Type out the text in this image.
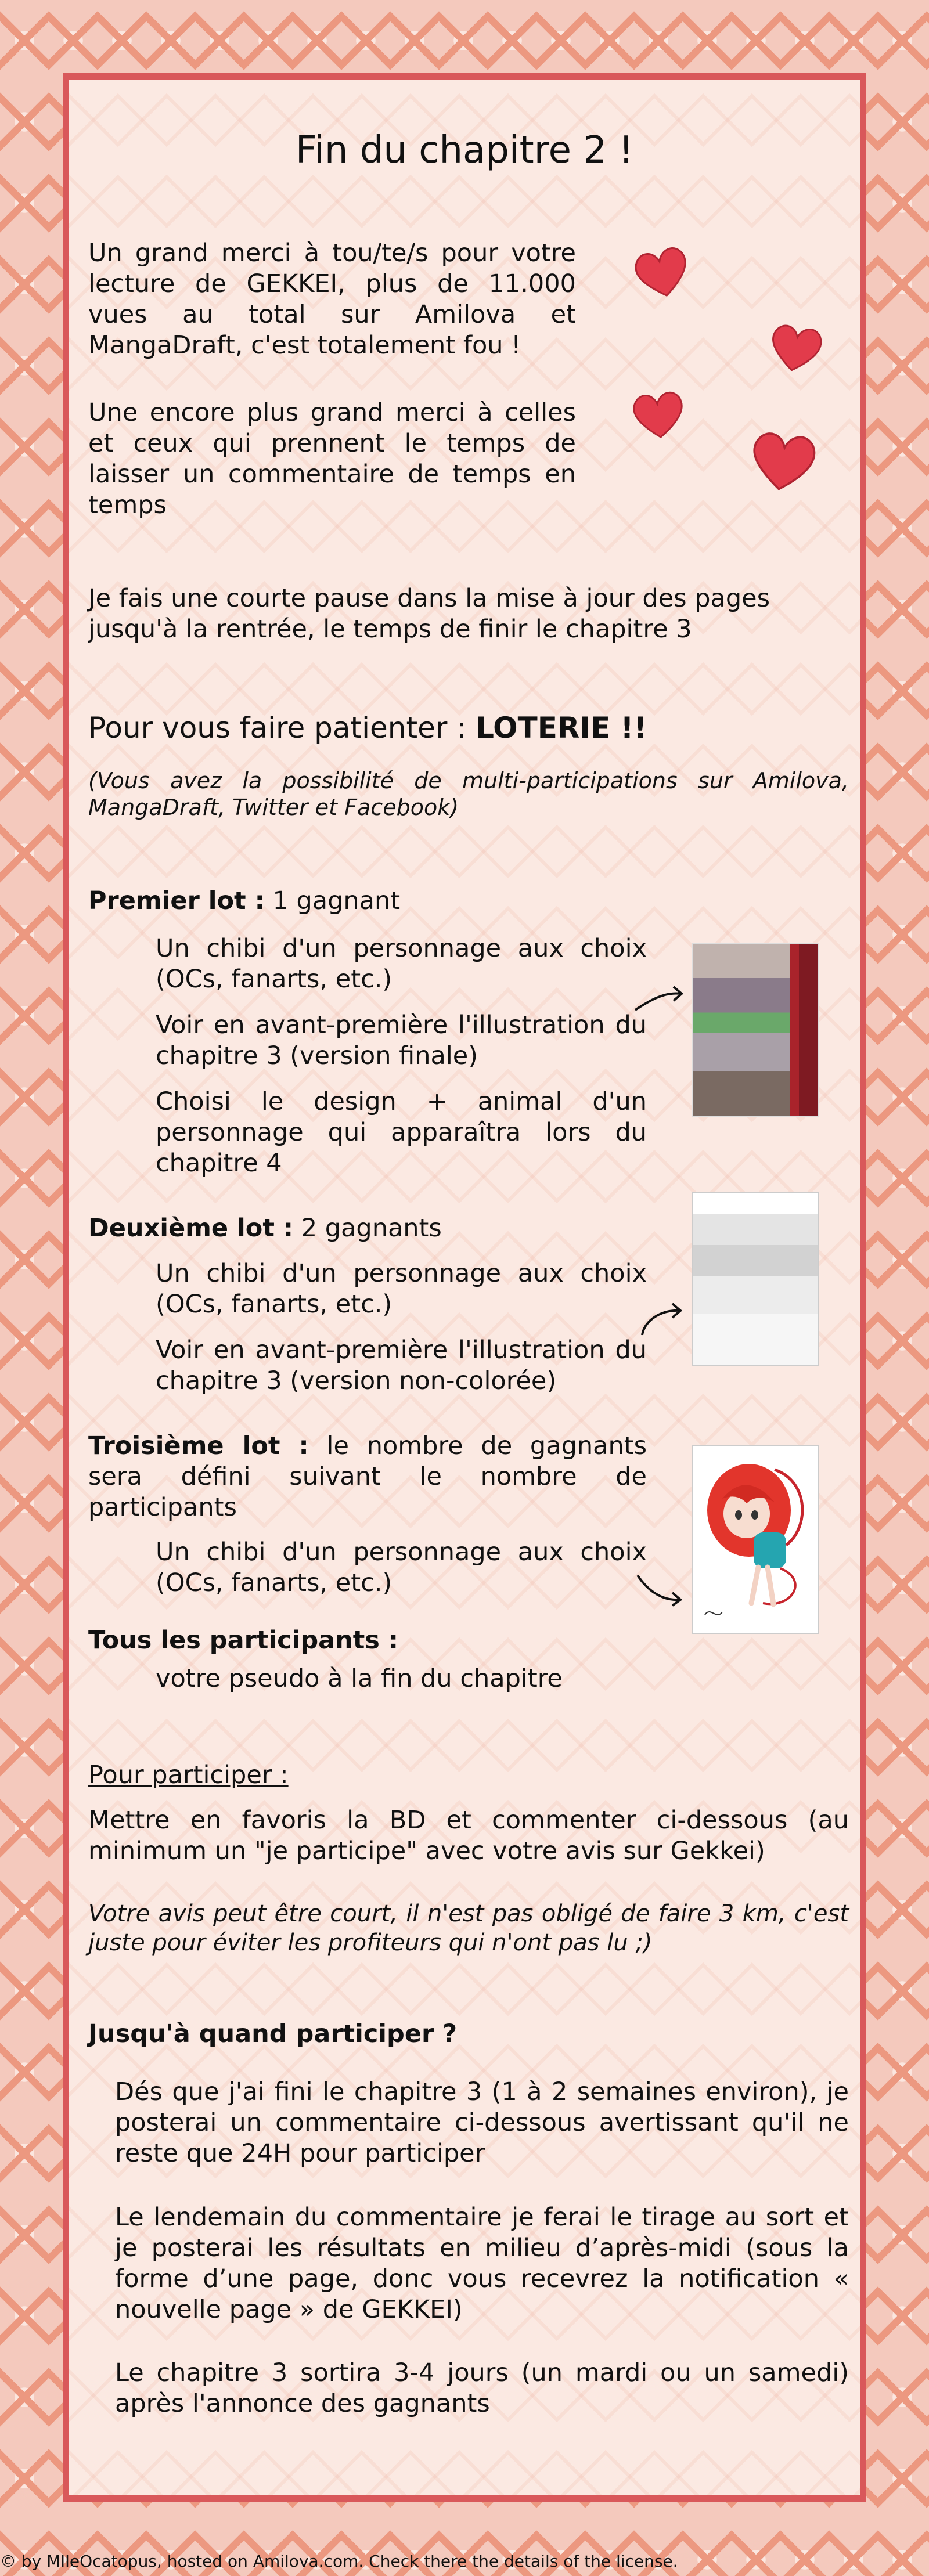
Fin du chapitre 2 !
Un grand merci à tou/te/s pour votre lecture de GEKKEI, plus de 11.000 vues au total sur Amilova et MangaDraft, c'est totalement fou !
Une encore plus grand merci à celles et ceux qui prennent le temps de laisser un commentaire de temps en temps
Je fais une courte pause dans la mise à jour des pages jusqu'à la rentrée, le temps de finir le chapitre 3
Pour vous faire patienter : LOTERIE !!
(Vous avez la possibilité de multi-participations sur Amilova, MangaDraft, Twitter et Facebook)
Premier lot : 1 gagnant
Un chibi d'un personnage aux choix (OCs, fanarts, etc.)
Voir en avant-première l'illustration du chapitre 3 (version finale)
Choisi le design + animal d'un personnage qui apparaîtra lors du chapitre 4
Deuxième lot : 2 gagnants
Un chibi d'un personnage aux choix (OCs, fanarts, etc.)
Voir en avant-première l'illustration du chapitre 3 (version non-colorée)
Troisième lot : le nombre de gagnants sera défini suivant le nombre de participants
Un chibi d'un personnage aux choix (OCs, fanarts, etc.)
Tous les participants :
votre pseudo à la fin du chapitre
Pour participer :
Mettre en favoris la BD et commenter ci-dessous (au minimum un "je participe" avec votre avis sur Gekkei)
Votre avis peut être court, il n'est pas obligé de faire 3 km, c'est juste pour éviter les profiteurs qui n'ont pas lu ;)
Jusqu'à quand participer ?
Dés que j'ai fini le chapitre 3 (1 à 2 semaines environ), je posterai un commentaire ci-dessous avertissant qu'il ne reste que 24H pour participer
Le lendemain du commentaire je ferai le tirage au sort et je posterai les résultats en milieu d’après-midi (sous la forme d’une page, donc vous recevrez la notification « nouvelle page » de GEKKEI)
Le chapitre 3 sortira 3-4 jours (un mardi ou un samedi) après l'annonce des gagnants
© by MlleOcatopus, hosted on Amilova.com. Check there the details of the license.
